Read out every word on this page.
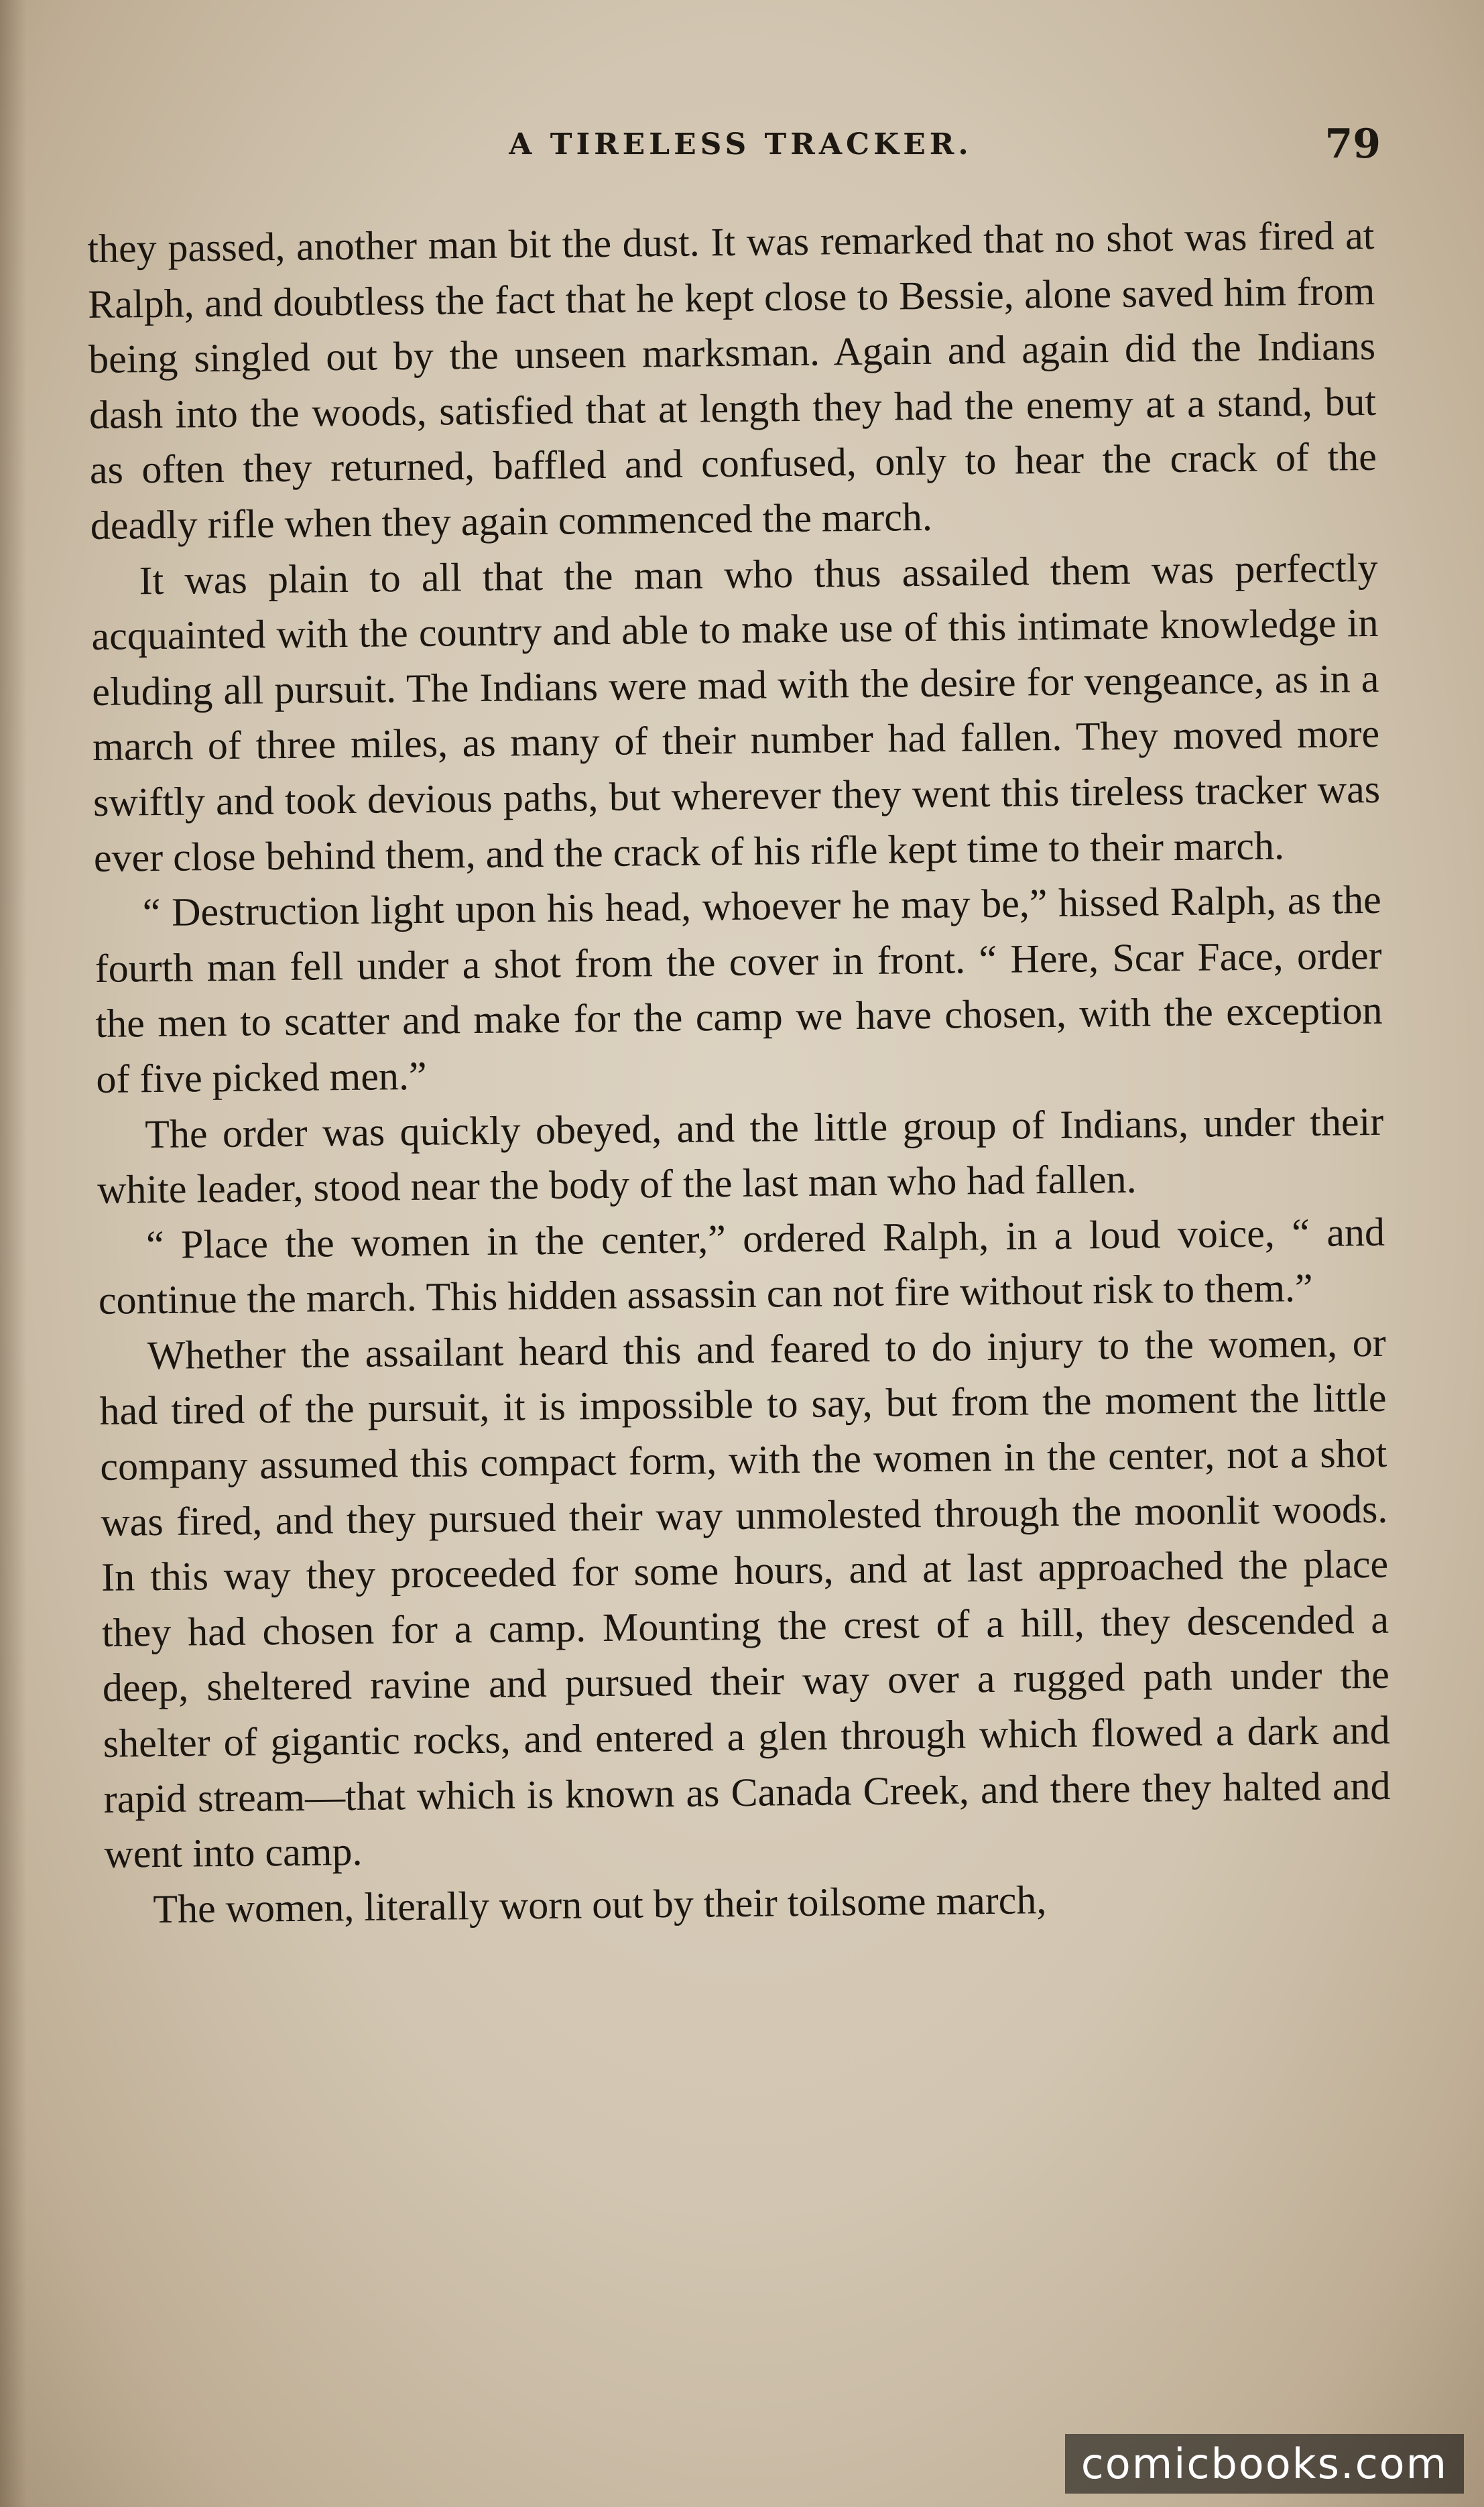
A TIRELESS TRACKER.	79

they passed, another man bit the dust. It was remarked that no shot was fired at Ralph, and doubtless the fact that he kept close to Bessie, alone saved him from being singled out by the unseen marksman. Again and again did the Indians dash into the woods, satisfied that at length they had the enemy at a stand, but as often they returned, baffled and confused, only to hear the crack of the deadly rifle when they again commenced the march.

It was plain to all that the man who thus assailed them was perfectly acquainted with the country and able to make use of this intimate knowledge in eluding all pursuit. The Indians were mad with the desire for vengeance, as in a march of three miles, as many of their number had fallen. They moved more swiftly and took devious paths, but wherever they went this tireless tracker was ever close behind them, and the crack of his rifle kept time to their march.

“ Destruction light upon his head, whoever he may be,” hissed Ralph, as the fourth man fell under a shot from the cover in front. “ Here, Scar Face, order the men to scatter and make for the camp we have chosen, with the exception of five picked men.”

The order was quickly obeyed, and the little group of Indians, under their white leader, stood near the body of the last man who had fallen.

“ Place the women in the center,” ordered Ralph, in a loud voice, “ and continue the march. This hidden assassin can not fire without risk to them.”

Whether the assailant heard this and feared to do injury to the women, or had tired of the pursuit, it is impossible to say, but from the moment the little company assumed this compact form, with the women in the center, not a shot was fired, and they pursued their way unmolested through the moonlit woods. In this way they proceeded for some hours, and at last approached the place they had chosen for a camp. Mounting the crest of a hill, they descended a deep, sheltered ravine and pursued their way over a rugged path under the shelter of gigantic rocks, and entered a glen through which flowed a dark and rapid stream—that which is known as Canada Creek, and there they halted and went into camp.

The women, literally worn out by their toilsome march,

comicbooks.com
